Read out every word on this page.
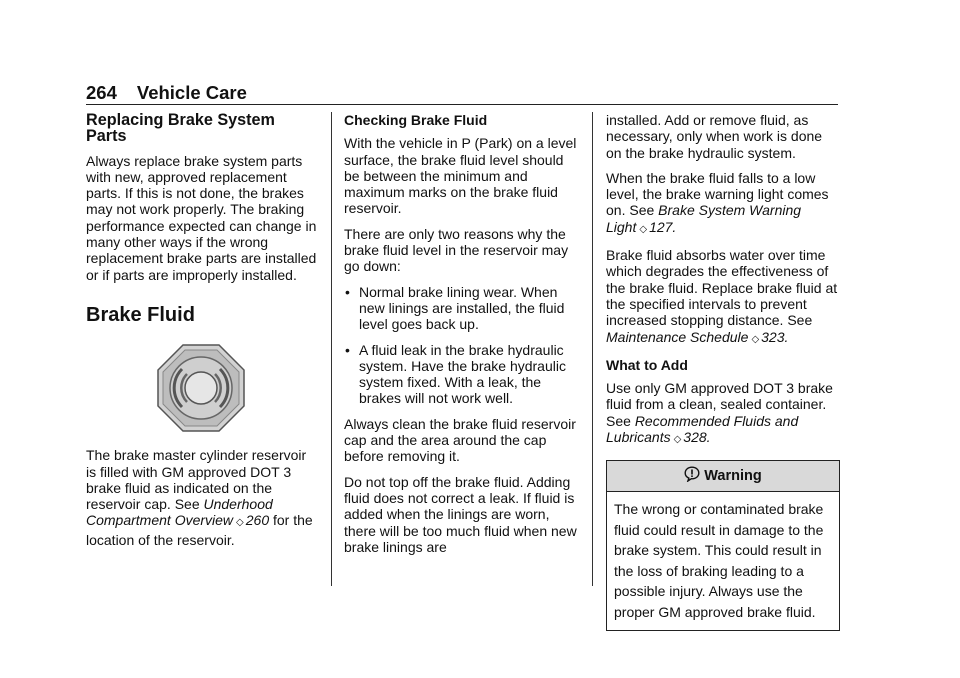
264 Vehicle Care
Replacing Brake System Parts

Always replace brake system parts with new, approved replacement parts. If this is not done, the brakes may not work properly. The braking performance expected can change in many other ways if the wrong replacement brake parts are installed or if parts are improperly installed.

Brake Fluid

The brake master cylinder reservoir is filled with GM approved DOT 3 brake fluid as indicated on the reservoir cap. See Underhood Compartment Overview ◇ 260 for the location of the reservoir.

Checking Brake Fluid

With the vehicle in P (Park) on a level surface, the brake fluid level should be between the minimum and maximum marks on the brake fluid reservoir.

There are only two reasons why the brake fluid level in the reservoir may go down:

• Normal brake lining wear. When new linings are installed, the fluid level goes back up.
• A fluid leak in the brake hydraulic system. Have the brake hydraulic system fixed. With a leak, the brakes will not work well.

Always clean the brake fluid reservoir cap and the area around the cap before removing it.

Do not top off the brake fluid. Adding fluid does not correct a leak. If fluid is added when the linings are worn, there will be too much fluid when new brake linings are

installed. Add or remove fluid, as necessary, only when work is done on the brake hydraulic system.

When the brake fluid falls to a low level, the brake warning light comes on. See Brake System Warning Light ◇ 127.

Brake fluid absorbs water over time which degrades the effectiveness of the brake fluid. Replace brake fluid at the specified intervals to prevent increased stopping distance. See Maintenance Schedule ◇ 323.

What to Add

Use only GM approved DOT 3 brake fluid from a clean, sealed container. See Recommended Fluids and Lubricants ◇ 328.

Warning
The wrong or contaminated brake fluid could result in damage to the brake system. This could result in the loss of braking leading to a possible injury. Always use the proper GM approved brake fluid.
